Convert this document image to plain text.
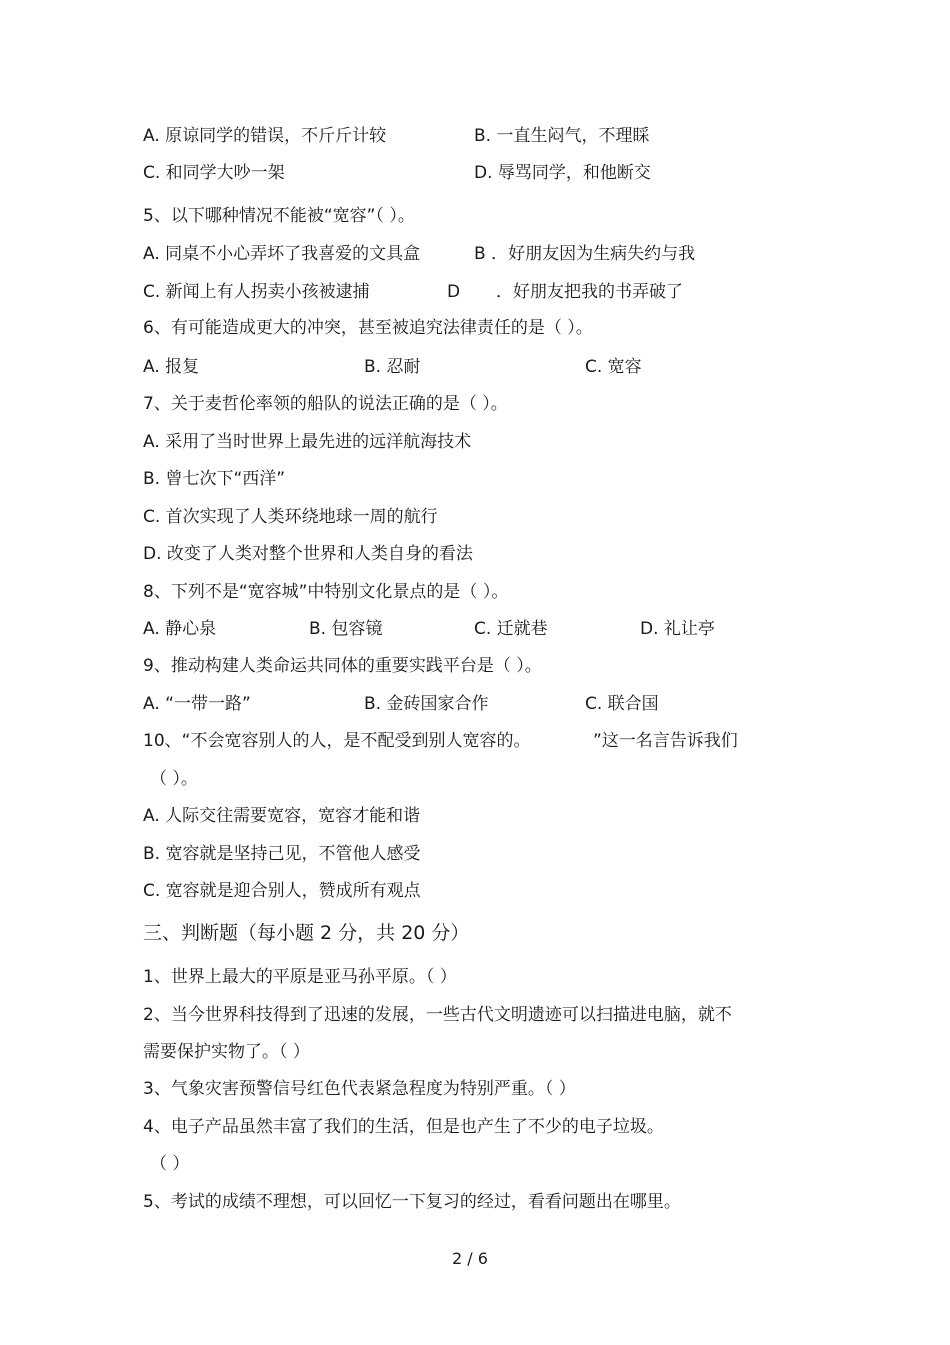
A. 原谅同学的错误，不斤斤计较	B. 一直生闷气，不理睬
C. 和同学大吵一架	D. 辱骂同学，和他断交
5、以下哪种情况不能被“宽容”（ ）。
A. 同桌不小心弄坏了我喜爱的文具盒	B ．好朋友因为生病失约与我
C. 新闻上有人拐卖小孩被逮捕	D ．好朋友把我的书弄破了
6、有可能造成更大的冲突，甚至被追究法律责任的是（ ）。
A. 报复	B. 忍耐	C. 宽容
7、关于麦哲伦率领的船队的说法正确的是（ ）。
A. 采用了当时世界上最先进的远洋航海技术
B. 曾七次下“西洋”
C. 首次实现了人类环绕地球一周的航行
D. 改变了人类对整个世界和人类自身的看法
8、下列不是“宽容城”中特别文化景点的是（ ）。
A. 静心泉	B. 包容镜	C. 迁就巷	D. 礼让亭
9、推动构建人类命运共同体的重要实践平台是（ ）。
A. “一带一路”	B. 金砖国家合作	C. 联合国
10、“不会宽容别人的人，是不配受到别人宽容的。	”这一名言告诉我们
（ ）。
A. 人际交往需要宽容，宽容才能和谐
B. 宽容就是坚持己见，不管他人感受
C. 宽容就是迎合别人，赞成所有观点
三、判断题（每小题 2 分，共 20 分）
1、世界上最大的平原是亚马孙平原。（ ）
2、当今世界科技得到了迅速的发展，一些古代文明遗迹可以扫描进电脑，就不
需要保护实物了。（ ）
3、气象灾害预警信号红色代表紧急程度为特别严重。（ ）
4、电子产品虽然丰富了我们的生活，但是也产生了不少的电子垃圾。
（ ）
5、考试的成绩不理想，可以回忆一下复习的经过，看看问题出在哪里。
2 / 6
